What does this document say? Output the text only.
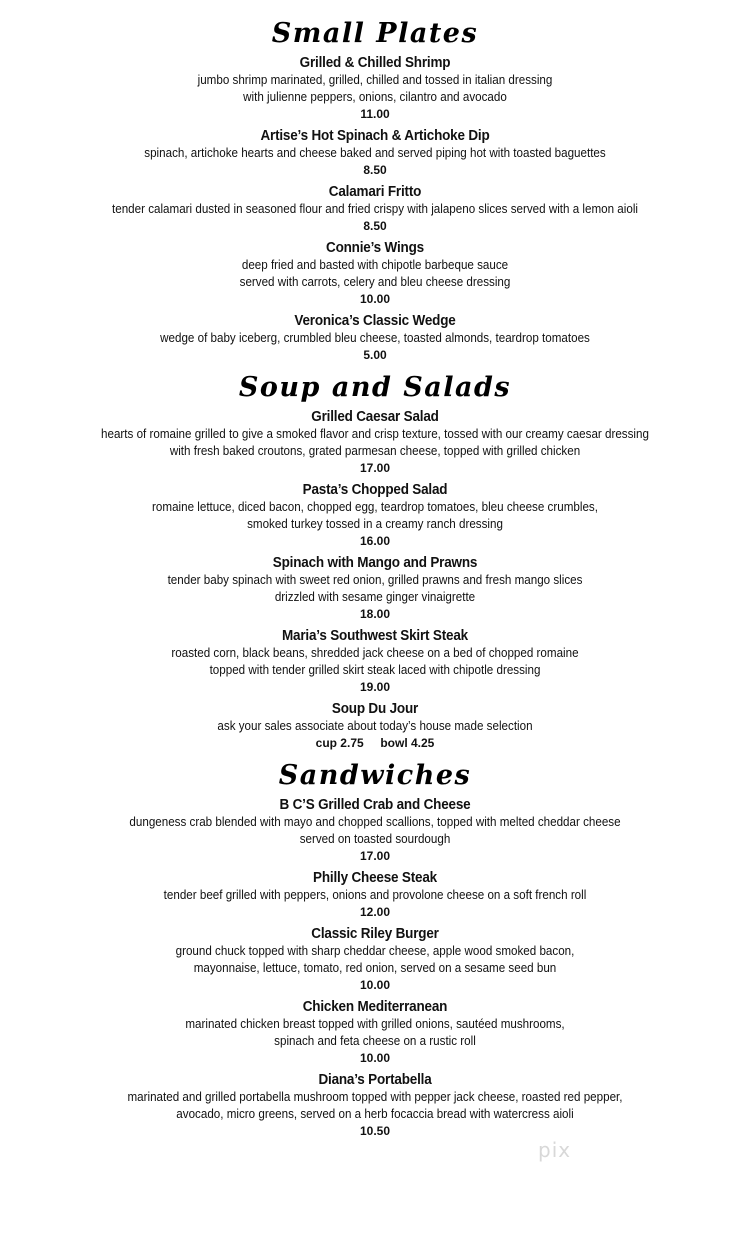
Small Plates
Grilled & Chilled Shrimp
jumbo shrimp marinated, grilled, chilled and tossed in italian dressing
with julienne peppers, onions, cilantro and avocado
11.00
Artise’s Hot Spinach & Artichoke Dip
spinach, artichoke hearts and cheese baked and served piping hot with toasted baguettes
8.50
Calamari Fritto
tender calamari dusted in seasoned flour and fried crispy with jalapeno slices served with a lemon aioli
8.50
Connie’s Wings
deep fried and basted with chipotle barbeque sauce
served with carrots, celery and bleu cheese dressing
10.00
Veronica’s Classic Wedge
wedge of baby iceberg, crumbled bleu cheese, toasted almonds, teardrop tomatoes
5.00
Soup and Salads
Grilled Caesar Salad
hearts of romaine grilled to give a smoked flavor and crisp texture, tossed with our creamy caesar dressing
with fresh baked croutons, grated parmesan cheese, topped with grilled chicken
17.00
Pasta’s Chopped Salad
romaine lettuce, diced bacon, chopped egg, teardrop tomatoes, bleu cheese crumbles,
smoked turkey tossed in a creamy ranch dressing
16.00
Spinach with Mango and Prawns
tender baby spinach with sweet red onion, grilled prawns and fresh mango slices
drizzled with sesame ginger vinaigrette
18.00
Maria’s Southwest Skirt Steak
roasted corn, black beans, shredded jack cheese on a bed of chopped romaine
topped with tender grilled skirt steak laced with chipotle dressing
19.00
Soup Du Jour
ask your sales associate about today’s house made selection
cup 2.75     bowl 4.25
Sandwiches
B C’S Grilled Crab and Cheese
dungeness crab blended with mayo and chopped scallions, topped with melted cheddar cheese
served on toasted sourdough
17.00
Philly Cheese Steak
tender beef grilled with peppers, onions and provolone cheese on a soft french roll
12.00
Classic Riley Burger
ground chuck topped with sharp cheddar cheese, apple wood smoked bacon,
mayonnaise, lettuce, tomato, red onion, served on a sesame seed bun
10.00
Chicken Mediterranean
marinated chicken breast topped with grilled onions, sautéed mushrooms,
spinach and feta cheese on a rustic roll
10.00
Diana’s Portabella
marinated and grilled portabella mushroom topped with pepper jack cheese, roasted red pepper,
avocado, micro greens, served on a herb focaccia bread with watercress aioli
10.50
pix
